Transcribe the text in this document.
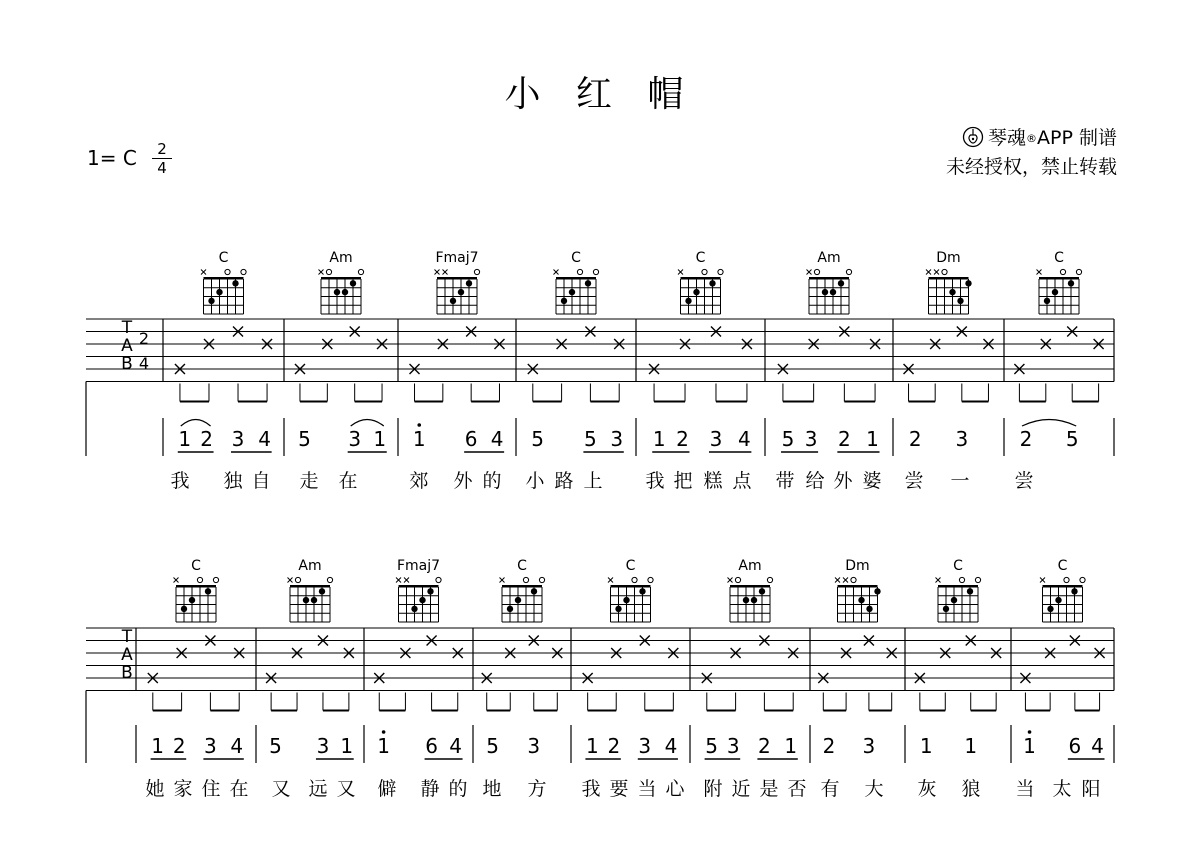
小 红 帽
1= C	2
4
琴魂®APP 制谱
未经授权，禁止转载
T
A
B
2
4
1 2 3 4 5 3 1 1 6 4 5 5 3 1 2 3 4 5 3 2 1 2 3	2 5
我 独 自 走 在	郊 外 的 小 路 上 我 把 糕 点 带 给 外 婆 尝 一 尝
C	Am	Fmaj7	C	C	Am	Dm	C
T
A
B
1 2 3 4 5 3 1 1 6 4 5 3 1 2 3 4 5 3 2 1 2 3 1 1 1 6 4
她 家 住 在 又 远 又 僻 静 的 地 方 我 要 当 心 附 近 是 否 有 大 灰 狼 当 太 阳
C	Am	Fmaj7	C	C	Am	Dm	C	C
